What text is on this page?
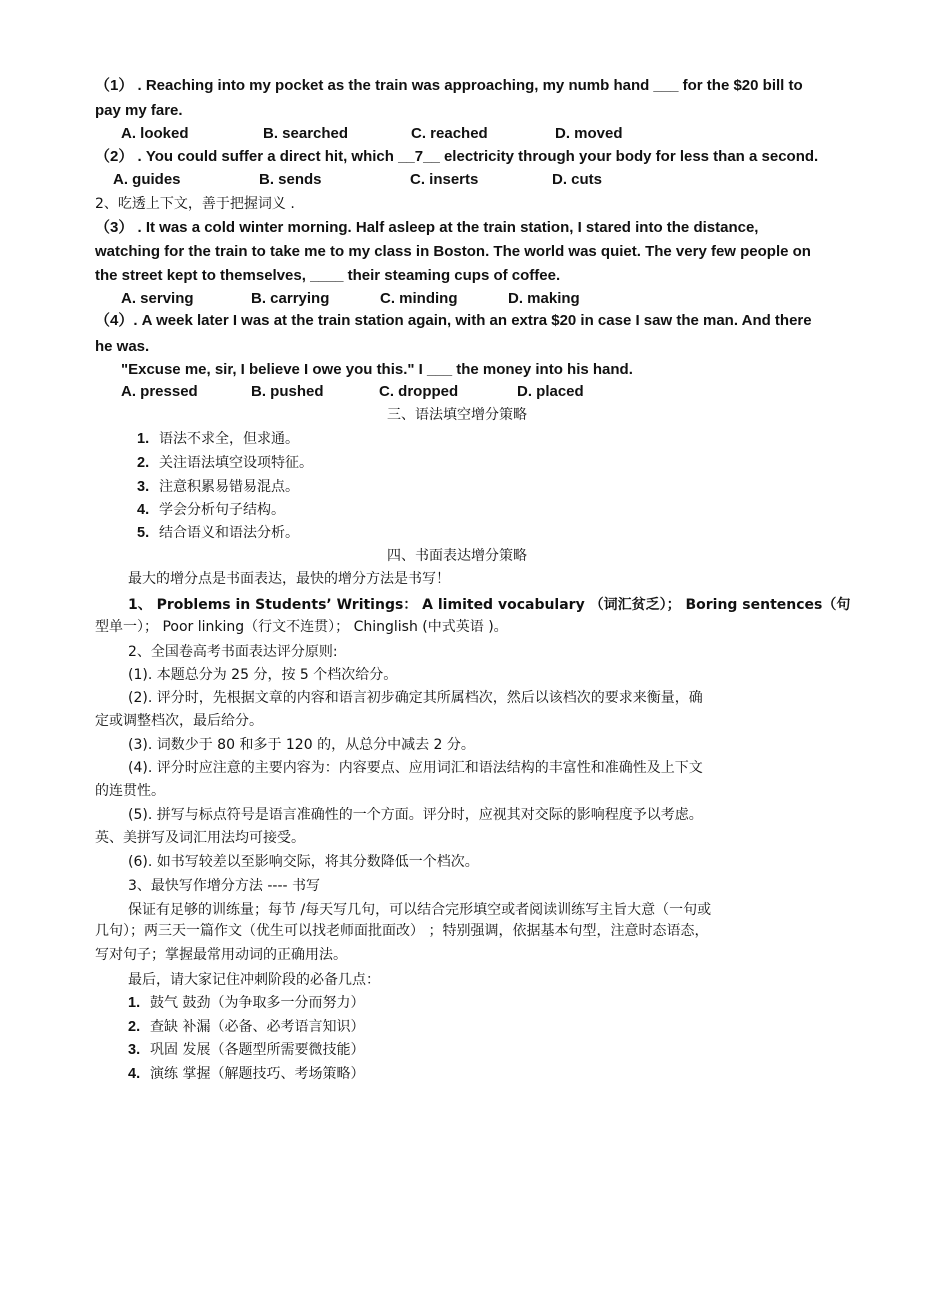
（1） . Reaching into my pocket as the train was approaching, my numb hand ___ for the $20 bill to
pay my fare.
A. looked	B. searched	C. reached	D. moved
（2） . You could suffer a direct hit, which __7__ electricity through your body for less than a second.
A. guides	B. sends	C. inserts	D. cuts
2、吃透上下文，善于把握词义 .
（3） . It was a cold winter morning. Half asleep at the train station, I stared into the distance,
watching for the train to take me to my class in Boston. The world was quiet. The very few people on
the street kept to themselves, ____ their steaming cups of coffee.
A. serving	B. carrying	C. minding	D. making
（4）. A week later I was at the train station again, with an extra $20 in case I saw the man. And there
he was.
"Excuse me, sir, I believe I owe you this." I ___ the money into his hand.
A. pressed	B. pushed	C. dropped	D. placed
三、语法填空增分策略
1. 语法不求全，但求通。
2. 关注语法填空设项特征。
3. 注意积累易错易混点。
4. 学会分析句子结构。
5. 结合语义和语法分析。
四、书面表达增分策略
最大的增分点是书面表达，最快的增分方法是书写！
1、 Problems in Students’ Writings： A limited vocabulary （词汇贫乏）； Boring sentences（句
型单一）； Poor linking（行文不连贯）； Chinglish (中式英语 )。
2、全国卷高考书面表达评分原则:
(1). 本题总分为 25 分，按 5 个档次给分。
(2). 评分时，先根据文章的内容和语言初步确定其所属档次，然后以该档次的要求来衡量，确
定或调整档次，最后给分。
(3). 词数少于 80 和多于 120 的，从总分中减去 2 分。
(4). 评分时应注意的主要内容为：内容要点、应用词汇和语法结构的丰富性和准确性及上下文
的连贯性。
(5). 拼写与标点符号是语言准确性的一个方面。评分时，应视其对交际的影响程度予以考虑。
英、美拼写及词汇用法均可接受。
(6). 如书写较差以至影响交际，将其分数降低一个档次。
3、最快写作增分方法 ---- 书写
保证有足够的训练量；每节 /每天写几句，可以结合完形填空或者阅读训练写主旨大意（一句或
几句）；两三天一篇作文（优生可以找老师面批面改） ；特别强调，依据基本句型，注意时态语态，
写对句子；掌握最常用动词的正确用法。
最后，请大家记住冲刺阶段的必备几点：
1. 鼓气 鼓劲（为争取多一分而努力）
2. 查缺 补漏（必备、必考语言知识）
3. 巩固 发展（各题型所需要微技能）
4. 演练 掌握（解题技巧、考场策略）
